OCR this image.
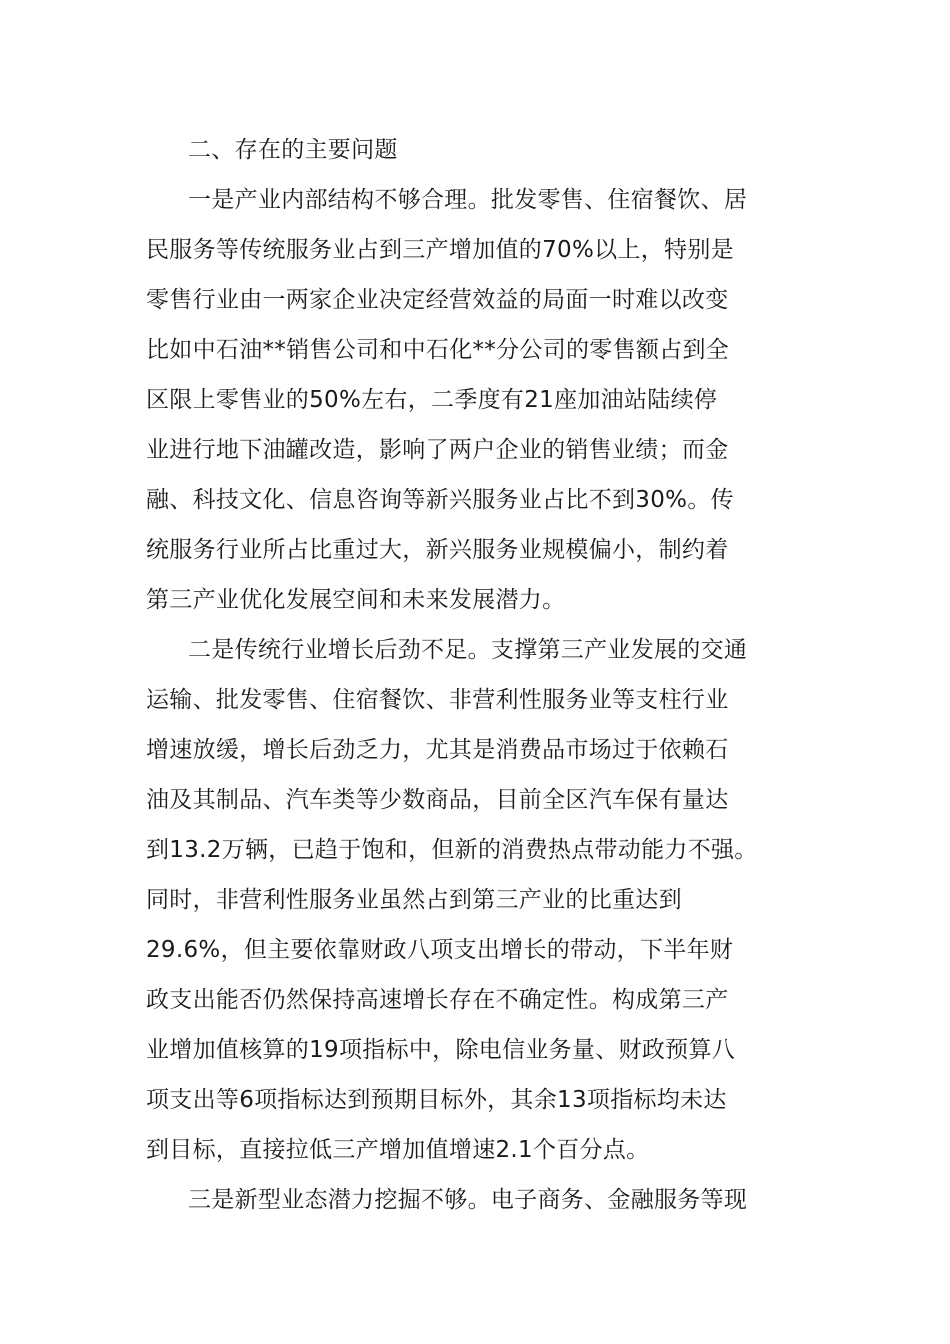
二、存在的主要问题
一是产业内部结构不够合理。批发零售、住宿餐饮、居
民服务等传统服务业占到三产增加值的70%以上，特别是
零售行业由一两家企业决定经营效益的局面一时难以改变
比如中石油**销售公司和中石化**分公司的零售额占到全
区限上零售业的50%左右，二季度有21座加油站陆续停
业进行地下油罐改造，影响了两户企业的销售业绩；而金
融、科技文化、信息咨询等新兴服务业占比不到30%。传
统服务行业所占比重过大，新兴服务业规模偏小，制约着
第三产业优化发展空间和未来发展潜力。
二是传统行业增长后劲不足。支撑第三产业发展的交通
运输、批发零售、住宿餐饮、非营利性服务业等支柱行业
增速放缓，增长后劲乏力，尤其是消费品市场过于依赖石
油及其制品、汽车类等少数商品，目前全区汽车保有量达
到13.2万辆，已趋于饱和，但新的消费热点带动能力不强。
同时，非营利性服务业虽然占到第三产业的比重达到
29.6%，但主要依靠财政八项支出增长的带动，下半年财
政支出能否仍然保持高速增长存在不确定性。构成第三产
业增加值核算的19项指标中，除电信业务量、财政预算八
项支出等6项指标达到预期目标外，其余13项指标均未达
到目标，直接拉低三产增加值增速2.1个百分点。
三是新型业态潜力挖掘不够。电子商务、金融服务等现
